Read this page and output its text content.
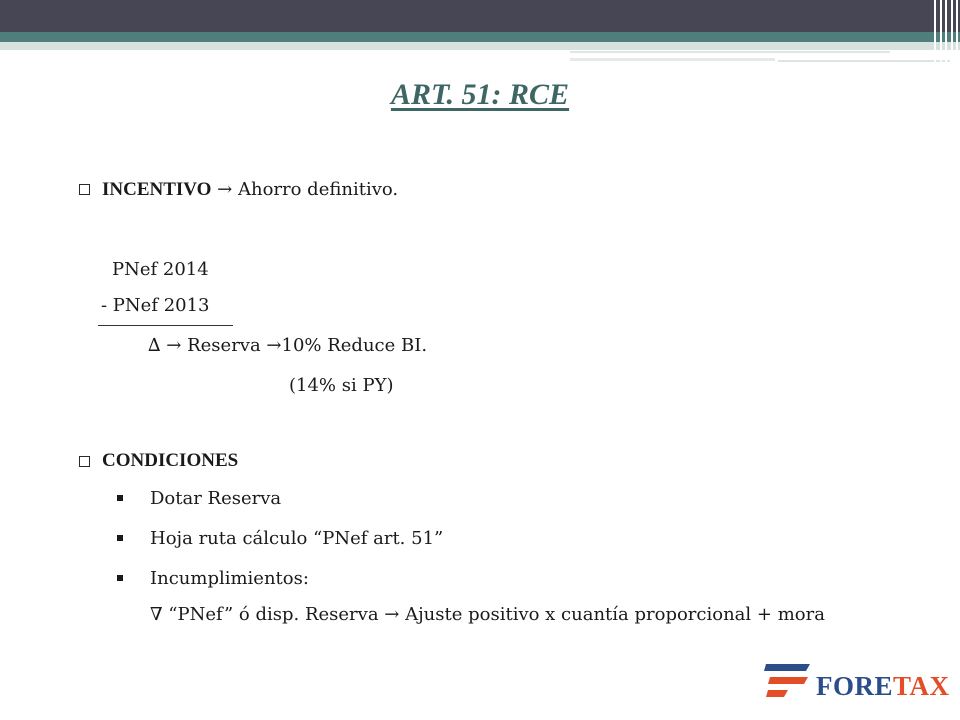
ART. 51: RCE
INCENTIVO → Ahorro definitivo.
PNef 2014
- PNef 2013
∆ → Reserva →10% Reduce BI.
(14% si PY)
CONDICIONES
Dotar Reserva
Hoja ruta cálculo “PNef art. 51”
Incumplimientos:
∇ “PNef” ó disp. Reserva → Ajuste positivo x cuantía proporcional + mora
FORETAX
